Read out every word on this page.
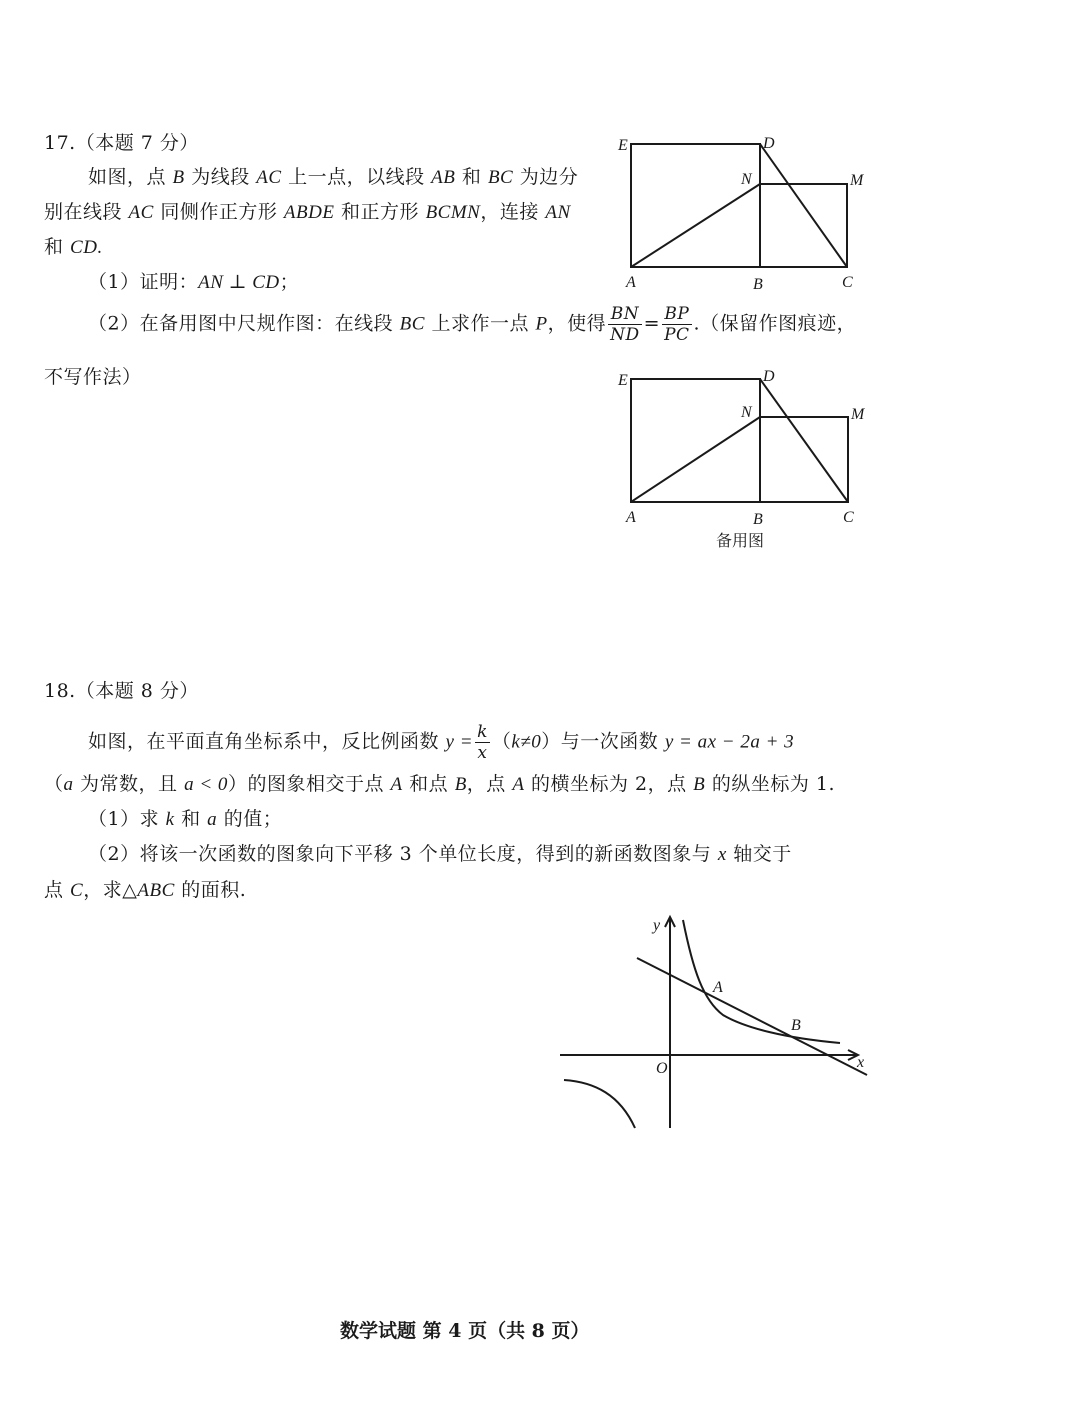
17.（本题 7 分）
如图，点 B 为线段 AC 上一点，以线段 AB 和 BC 为边分
别在线段 AC 同侧作正方形 ABDE 和正方形 BCMN，连接 AN
和 CD.
（1）证明：AN ⊥ CD；
（2）在备用图中尺规作图：在线段 BC 上求作一点 P，使得 $\frac{BN}{ND} = \frac{BP}{PC}$ .（保留作图痕迹，
不写作法）
E	D
N	M
A	B	C
E	D
N	M
A	B	C
备用图
18.（本题 8 分）
如图，在平面直角坐标系中，反比例函数 $y = \frac{k}{x} (k\ne 0)$与一次函数 y = ax − 2a + 3
（a 为常数，且 a < 0）的图象相交于点 A 和点 B，点 A 的横坐标为 2，点 B 的纵坐标为 1.
（1）求 k 和 a 的值；
（2）将该一次函数的图象向下平移 3 个单位长度，得到的新函数图象与 x 轴交于
点 C，求△ABC 的面积.
y
x
O
A
B
数学试题 第 4 页（共 8 页）
